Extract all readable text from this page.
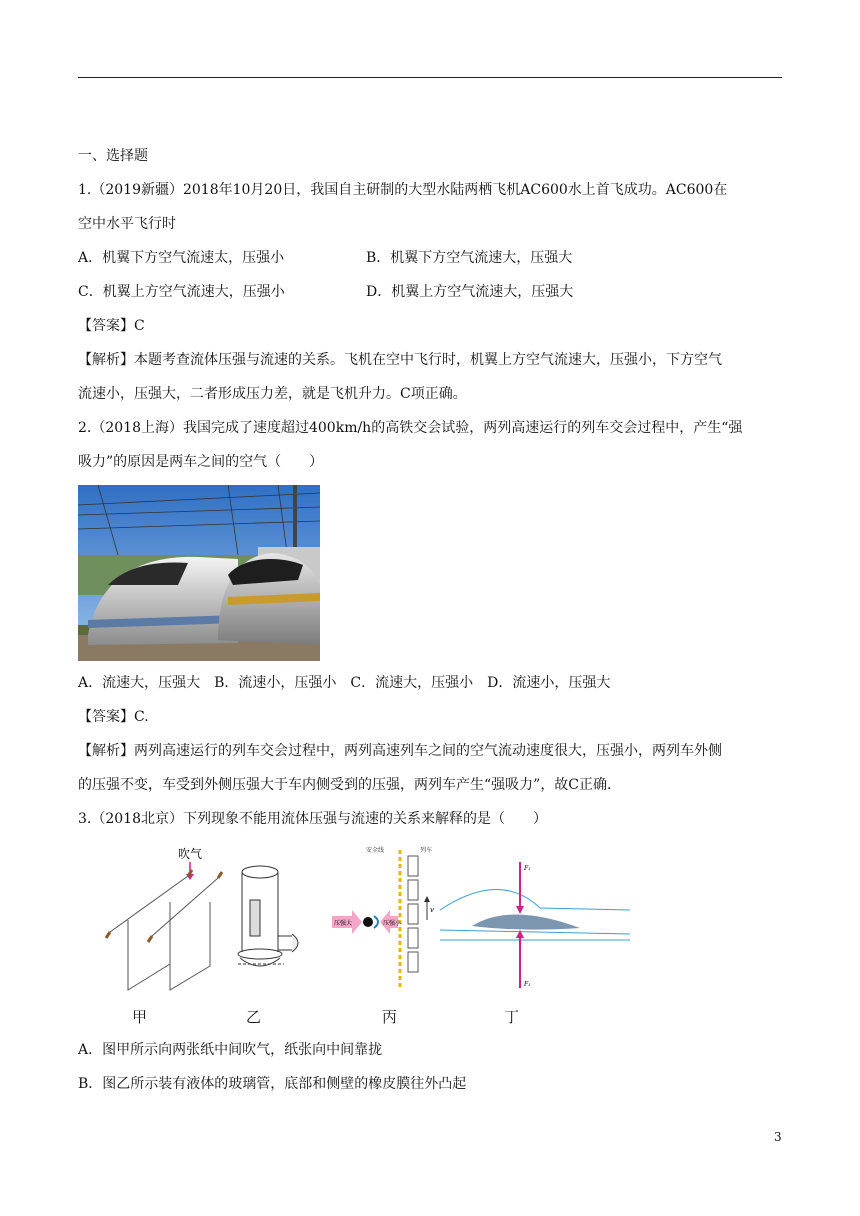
一、选择题
1.（2019新疆）2018年10月20日，我国自主研制的大型水陆两栖飞机AC600水上首飞成功。AC600在
空中水平飞行时
A．机翼下方空气流速太，压强小	B．机翼下方空气流速大，压强大
C．机翼上方空气流速大，压强小	D．机翼上方空气流速大，压强大
【答案】C
【解析】本题考查流体压强与流速的关系。飞机在空中飞行时，机翼上方空气流速大，压强小，下方空气
流速小，压强大，二者形成压力差，就是飞机升力。C项正确。
2.（2018上海）我国完成了速度超过400km/h的高铁交会试验，两列高速运行的列车交会过程中，产生“强
吸力”的原因是两车之间的空气（　　）
A．流速大，压强大　B．流速小，压强小　C．流速大，压强小　D．流速小，压强大
【答案】C.
【解析】两列高速运行的列车交会过程中，两列高速列车之间的空气流动速度很大，压强小，两列车外侧
的压强不变，车受到外侧压强大于车内侧受到的压强，两列车产生“强吸力”，故C正确.
3.（2018北京）下列现象不能用流体压强与流速的关系来解释的是（　　）
吹气	安全线	列车
v
压强大	压强小
F₁
F₁
甲	乙	丙	丁
A．图甲所示向两张纸中间吹气，纸张向中间靠拢
B．图乙所示装有液体的玻璃管，底部和侧壁的橡皮膜往外凸起
3
